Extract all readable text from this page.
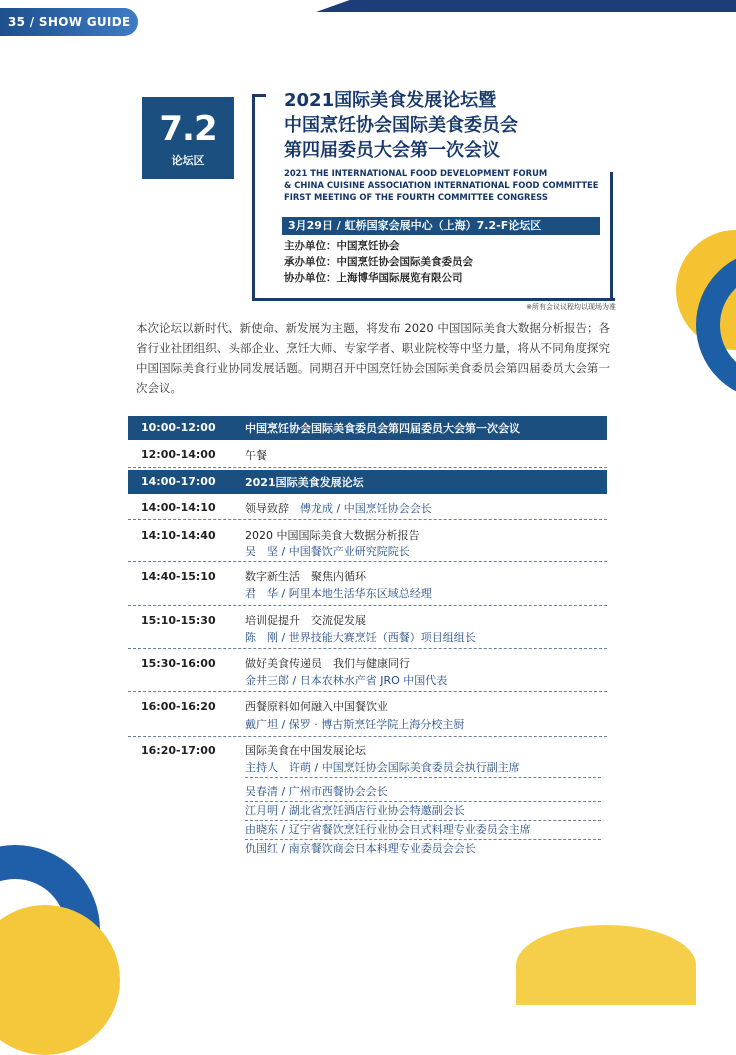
35 / SHOW GUIDE
7.2
论坛区
2021国际美食发展论坛暨
中国烹饪协会国际美食委员会
第四届委员大会第一次会议
2021 THE INTERNATIONAL FOOD DEVELOPMENT FORUM
& CHINA CUISINE ASSOCIATION INTERNATIONAL FOOD COMMITTEE
FIRST MEETING OF THE FOURTH COMMITTEE CONGRESS
3月29日 / 虹桥国家会展中心（上海）7.2-F论坛区
主办单位：中国烹饪协会
承办单位：中国烹饪协会国际美食委员会
协办单位：上海博华国际展览有限公司
※所有会议议程均以现场为准
本次论坛以新时代、新使命、新发展为主题，将发布 2020 中国国际美食大数据分析报告；各省行业社团组织、头部企业、烹饪大师、专家学者、职业院校等中坚力量，将从不同角度探究中国国际美食行业协同发展话题。同期召开中国烹饪协会国际美食委员会第四届委员大会第一次会议。
10:00-12:00	中国烹饪协会国际美食委员会第四届委员大会第一次会议
12:00-14:00	午餐
14:00-17:00	2021国际美食发展论坛
14:00-14:10	领导致辞　 傅龙成 / 中国烹饪协会会长
14:10-14:40	2020 中国国际美食大数据分析报告
吴　坚 / 中国餐饮产业研究院院长
14:40-15:10	数字新生活　聚焦内循环
君　华 / 阿里本地生活华东区域总经理
15:10-15:30	培训促提升　交流促发展
陈　刚 / 世界技能大赛烹饪（西餐）项目组组长
15:30-16:00	做好美食传递员　我们与健康同行
金井三郎 / 日本农林水产省 JRO 中国代表
16:00-16:20	西餐原料如何融入中国餐饮业
戴广坦 / 保罗 · 博古斯烹饪学院上海分校主厨
16:20-17:00	国际美食在中国发展论坛
主持人　许萌 / 中国烹饪协会国际美食委员会执行副主席
吴春清 / 广州市西餐协会会长
江月明 / 湖北省烹饪酒店行业协会特邀副会长
由晓东 / 辽宁省餐饮烹饪行业协会日式料理专业委员会主席
仇国红 / 南京餐饮商会日本料理专业委员会会长
